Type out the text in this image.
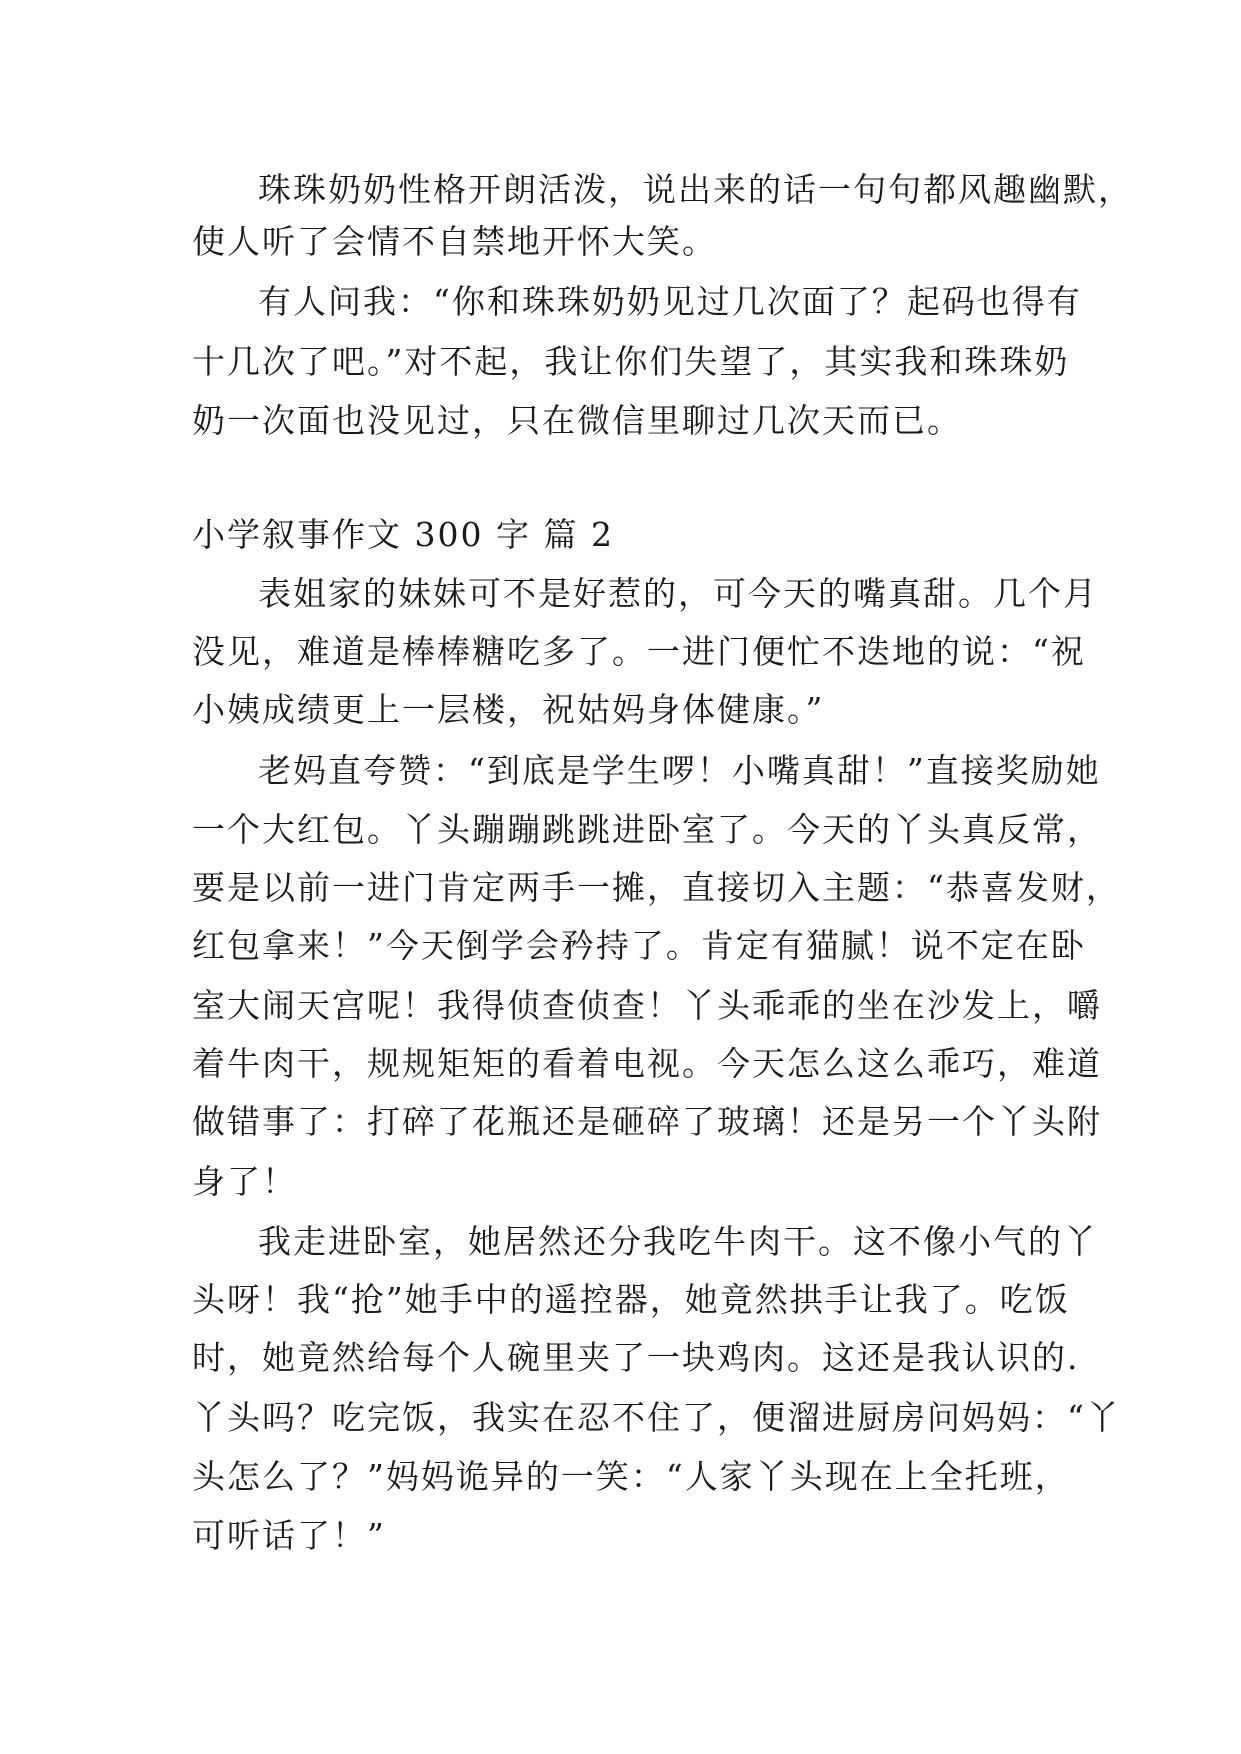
珠珠奶奶性格开朗活泼，说出来的话一句句都风趣幽默，
使人听了会情不自禁地开怀大笑。
有人问我：“你和珠珠奶奶见过几次面了？起码也得有
十几次了吧。”对不起，我让你们失望了，其实我和珠珠奶
奶一次面也没见过，只在微信里聊过几次天而已。
小学叙事作文 300 字 篇 2
表姐家的妹妹可不是好惹的，可今天的嘴真甜。几个月
没见，难道是棒棒糖吃多了。一进门便忙不迭地的说：“祝
小姨成绩更上一层楼，祝姑妈身体健康。”
老妈直夸赞：“到底是学生啰！小嘴真甜！”直接奖励她
一个大红包。丫头蹦蹦跳跳进卧室了。今天的丫头真反常，
要是以前一进门肯定两手一摊，直接切入主题：“恭喜发财，
红包拿来！”今天倒学会矜持了。肯定有猫腻！说不定在卧
室大闹天宫呢！我得侦查侦查！丫头乖乖的坐在沙发上，嚼
着牛肉干，规规矩矩的看着电视。今天怎么这么乖巧，难道
做错事了：打碎了花瓶还是砸碎了玻璃！还是另一个丫头附
身了！
我走进卧室，她居然还分我吃牛肉干。这不像小气的丫
头呀！我“抢”她手中的遥控器，她竟然拱手让我了。吃饭
时，她竟然给每个人碗里夹了一块鸡肉。这还是我认识的.
丫头吗？吃完饭，我实在忍不住了，便溜进厨房问妈妈：“丫
头怎么了？”妈妈诡异的一笑：“人家丫头现在上全托班，
可听话了！”
